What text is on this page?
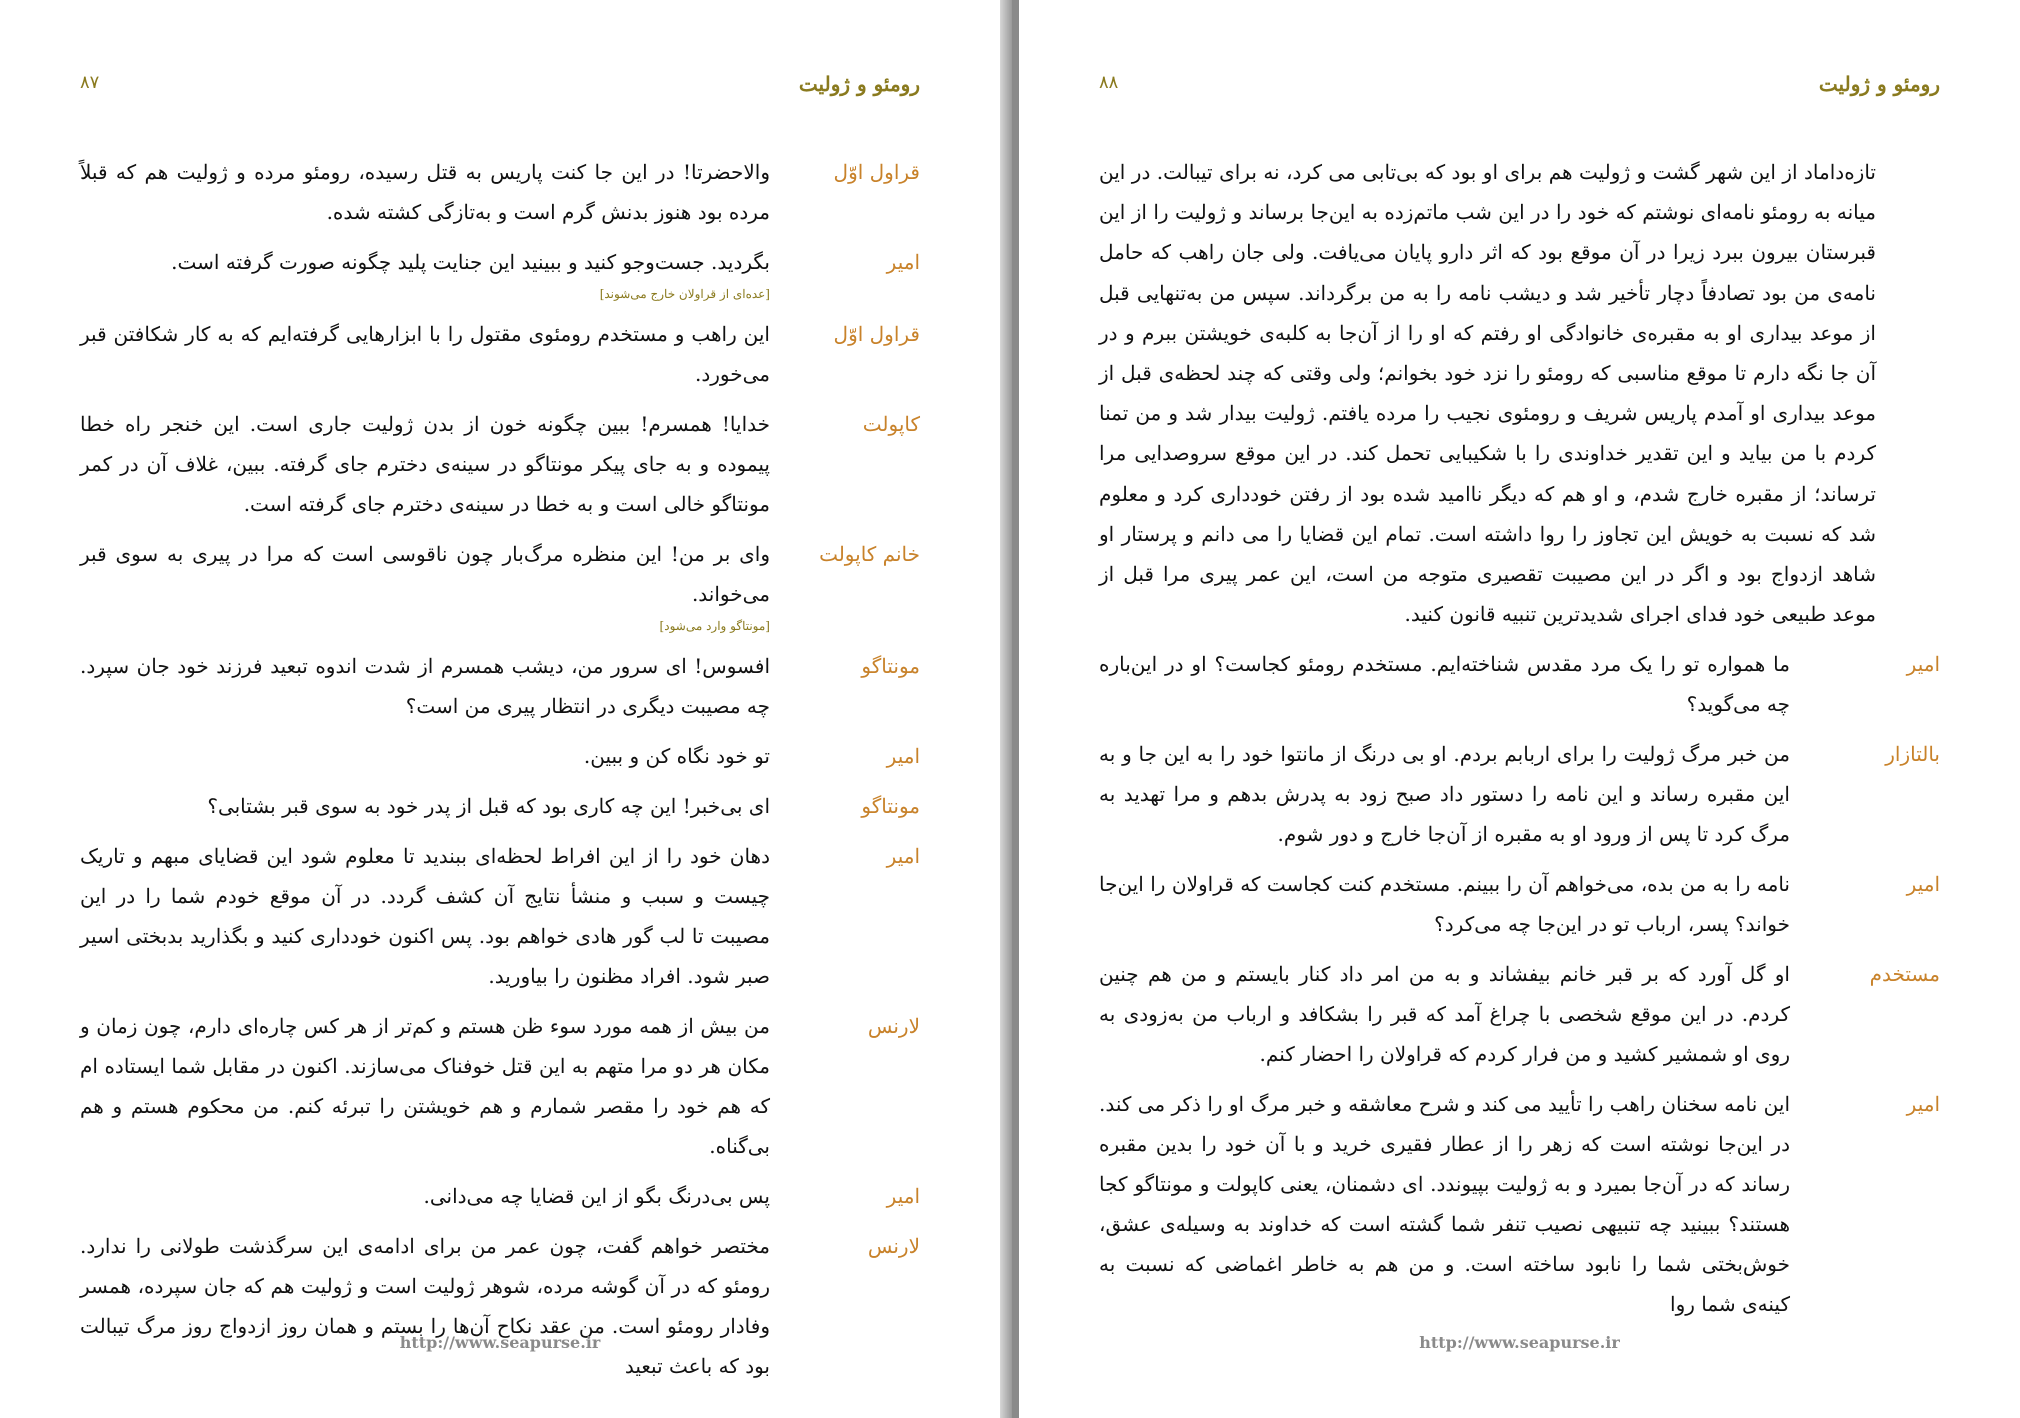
رومئو و ژولیت
۸۷
قراول اوّل
والاحضرتا! در این جا کنت پاریس به قتل رسیده، رومئو مرده و ژولیت هم که قبلاً مرده بود هنوز بدنش گرم است و به‌تازگی کشته شده.
امیر
بگردید. جست‌وجو کنید و ببینید این جنایت پلید چگونه صورت گرفته است.
[عده‌ای از قراولان خارج می‌شوند]
قراول اوّل
این راهب و مستخدم رومئوی مقتول را با ابزارهایی گرفته‌ایم که به کار شکافتن قبر می‌خورد.
کاپولت
خدایا! همسرم! ببین چگونه خون از بدن ژولیت جاری است. این خنجر راه خطا پیموده و به جای پیکر مونتاگو در سینه‌ی دخترم جای گرفته. ببین، غلاف آن در کمر مونتاگو خالی است و به خطا در سینه‌ی دخترم جای گرفته است.
خانم کاپولت
وای بر من! این منظره مرگ‌بار چون ناقوسی است که مرا در پیری به سوی قبر می‌خواند.
[مونتاگو وارد می‌شود]
مونتاگو
افسوس! ای سرور من، دیشب همسرم از شدت اندوه تبعید فرزند خود جان سپرد. چه مصیبت دیگری در انتظار پیری من است؟
امیر
تو خود نگاه کن و ببین.
مونتاگو
ای بی‌خبر! این چه کاری بود که قبل از پدر خود به سوی قبر بشتابی؟
امیر
دهان خود را از این افراط لحظه‌ای ببندید تا معلوم شود این قضایای مبهم و تاریک چیست و سبب و منشأ نتایج آن کشف گردد. در آن موقع خودم شما را در این مصیبت تا لب گور هادی خواهم بود. پس اکنون خودداری کنید و بگذارید بدبختی اسیر صبر شود. افراد مظنون را بیاورید.
لارنس
من بیش از همه مورد سوء ظن هستم و کم‌تر از هر کس چاره‌ای دارم، چون زمان و مکان هر دو مرا متهم به این قتل خوفناک می‌سازند. اکنون در مقابل شما ایستاده ام که هم خود را مقصر شمارم و هم خویشتن را تبرئه کنم. من محکوم هستم و هم بی‌گناه.
امیر
پس بی‌درنگ بگو از این قضایا چه می‌دانی.
لارنس
مختصر خواهم گفت، چون عمر من برای ادامه‌ی این سرگذشت طولانی را ندارد. رومئو که در آن گوشه مرده، شوهر ژولیت است و ژولیت هم که جان سپرده، همسر وفادار رومئو است. من عقد نکاح آن‌ها را بستم و همان روز ازدواج روز مرگ تیبالت بود که باعث تبعید
http://www.seapurse.ir
رومئو و ژولیت
۸۸

تازه‌داماد از این شهر گشت و ژولیت هم برای او بود که بی‌تابی می کرد، نه برای تیبالت. در این میانه به رومئو نامه‌ای نوشتم که خود را در این شب ماتم‌زده به این‌جا برساند و ژولیت را از این قبرستان بیرون ببرد زیرا در آن موقع بود که اثر دارو پایان می‌یافت. ولی جان راهب که حامل نامه‌ی من بود تصادفاً دچار تأخیر شد و دیشب نامه را به من برگرداند. سپس من به‌تنهایی قبل از موعد بیداری او به مقبره‌ی خانوادگی او رفتم که او را از آن‌جا به کلبه‌ی خویشتن ببرم و در آن جا نگه دارم تا موقع مناسبی که رومئو را نزد خود بخوانم؛ ولی وقتی که چند لحظه‌ی قبل از موعد بیداری او آمدم پاریس شریف و رومئوی نجیب را مرده یافتم. ژولیت بیدار شد و من تمنا کردم با من بیاید و این تقدیر خداوندی را با شکیبایی تحمل کند. در این موقع سروصدایی مرا ترساند؛ از مقبره خارج شدم، و او هم که دیگر ناامید شده بود از رفتن خودداری کرد و معلوم شد که نسبت به خویش این تجاوز را روا داشته است. تمام این قضایا را می دانم و پرستار او شاهد ازدواج بود و اگر در این مصیبت تقصیری متوجه من است، این عمر پیری مرا قبل از موعد طبیعی خود فدای اجرای شدیدترین تنبیه قانون کنید.

امیر
ما همواره تو را یک مرد مقدس شناخته‌ایم. مستخدم رومئو کجاست؟ او در این‌باره چه می‌گوید؟
بالتازار
من خبر مرگ ژولیت را برای اربابم بردم. او بی درنگ از مانتوا خود را به این جا و به این مقبره رساند و این نامه را دستور داد صبح زود به پدرش بدهم و مرا تهدید به مرگ کرد تا پس از ورود او به مقبره از آن‌جا خارج و دور شوم.
امیر
نامه را به من بده، می‌خواهم آن را ببینم. مستخدم کنت کجاست که قراولان را این‌جا خواند؟ پسر، ارباب تو در این‌جا چه می‌کرد؟
مستخدم
او گل آورد که بر قبر خانم بیفشاند و به من امر داد کنار بایستم و من هم چنین کردم. در این موقع شخصی با چراغ آمد که قبر را بشکافد و ارباب من به‌زودی به روی او شمشیر کشید و من فرار کردم که قراولان را احضار کنم.
امیر
این نامه سخنان راهب را تأیید می کند و شرح معاشقه و خبر مرگ او را ذکر می کند. در این‌جا نوشته است که زهر را از عطار فقیری خرید و با آن خود را بدین مقبره رساند که در آن‌جا بمیرد و به ژولیت بپیوندد. ای دشمنان، یعنی کاپولت و مونتاگو کجا هستند؟ ببینید چه تنبیهی نصیب تنفر شما گشته است که خداوند به وسیله‌ی عشق، خوش‌بختی شما را نابود ساخته است. و من هم به خاطر اغماضی که نسبت به کینه‌ی شما روا
http://www.seapurse.ir
